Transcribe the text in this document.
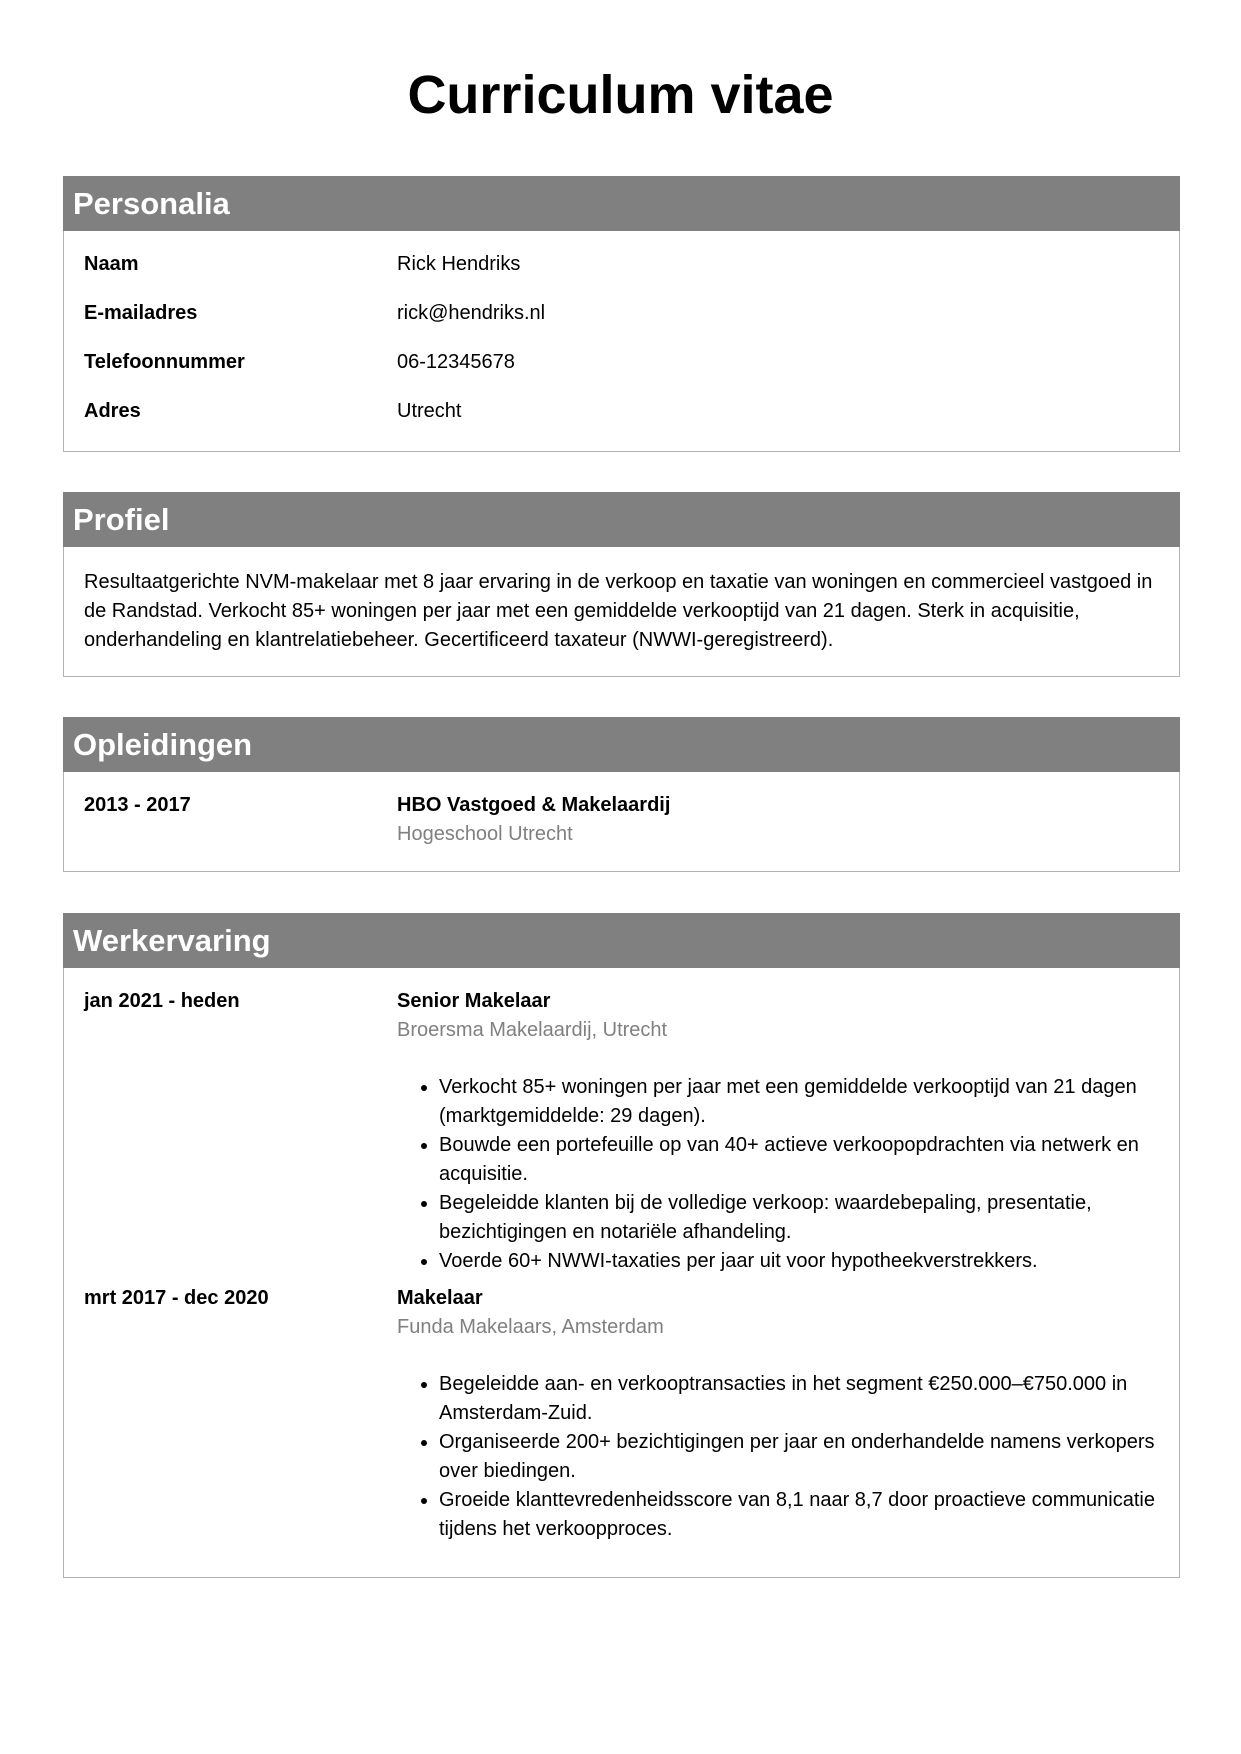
Curriculum vitae
Personalia
Naam	Rick Hendriks
E-mailadres	rick@hendriks.nl
Telefoonnummer	06-12345678
Adres	Utrecht
Profiel
Resultaatgerichte NVM-makelaar met 8 jaar ervaring in de verkoop en taxatie van woningen en commercieel vastgoed in de Randstad. Verkocht 85+ woningen per jaar met een gemiddelde verkooptijd van 21 dagen. Sterk in acquisitie, onderhandeling en klantrelatiebeheer. Gecertificeerd taxateur (NWWI-geregistreerd).
Opleidingen
2013 - 2017	HBO Vastgoed & Makelaardij
Hogeschool Utrecht
Werkervaring
jan 2021 - heden	Senior Makelaar
Broersma Makelaardij, Utrecht
• Verkocht 85+ woningen per jaar met een gemiddelde verkooptijd van 21 dagen (marktgemiddelde: 29 dagen).
• Bouwde een portefeuille op van 40+ actieve verkoopopdrachten via netwerk en acquisitie.
• Begeleidde klanten bij de volledige verkoop: waardebepaling, presentatie, bezichtigingen en notariële afhandeling.
• Voerde 60+ NWWI-taxaties per jaar uit voor hypotheekverstrekkers.
mrt 2017 - dec 2020	Makelaar
Funda Makelaars, Amsterdam
• Begeleidde aan- en verkooptransacties in het segment €250.000–€750.000 in Amsterdam-Zuid.
• Organiseerde 200+ bezichtigingen per jaar en onderhandelde namens verkopers over biedingen.
• Groeide klanttevredenheidsscore van 8,1 naar 8,7 door proactieve communicatie tijdens het verkoopproces.
